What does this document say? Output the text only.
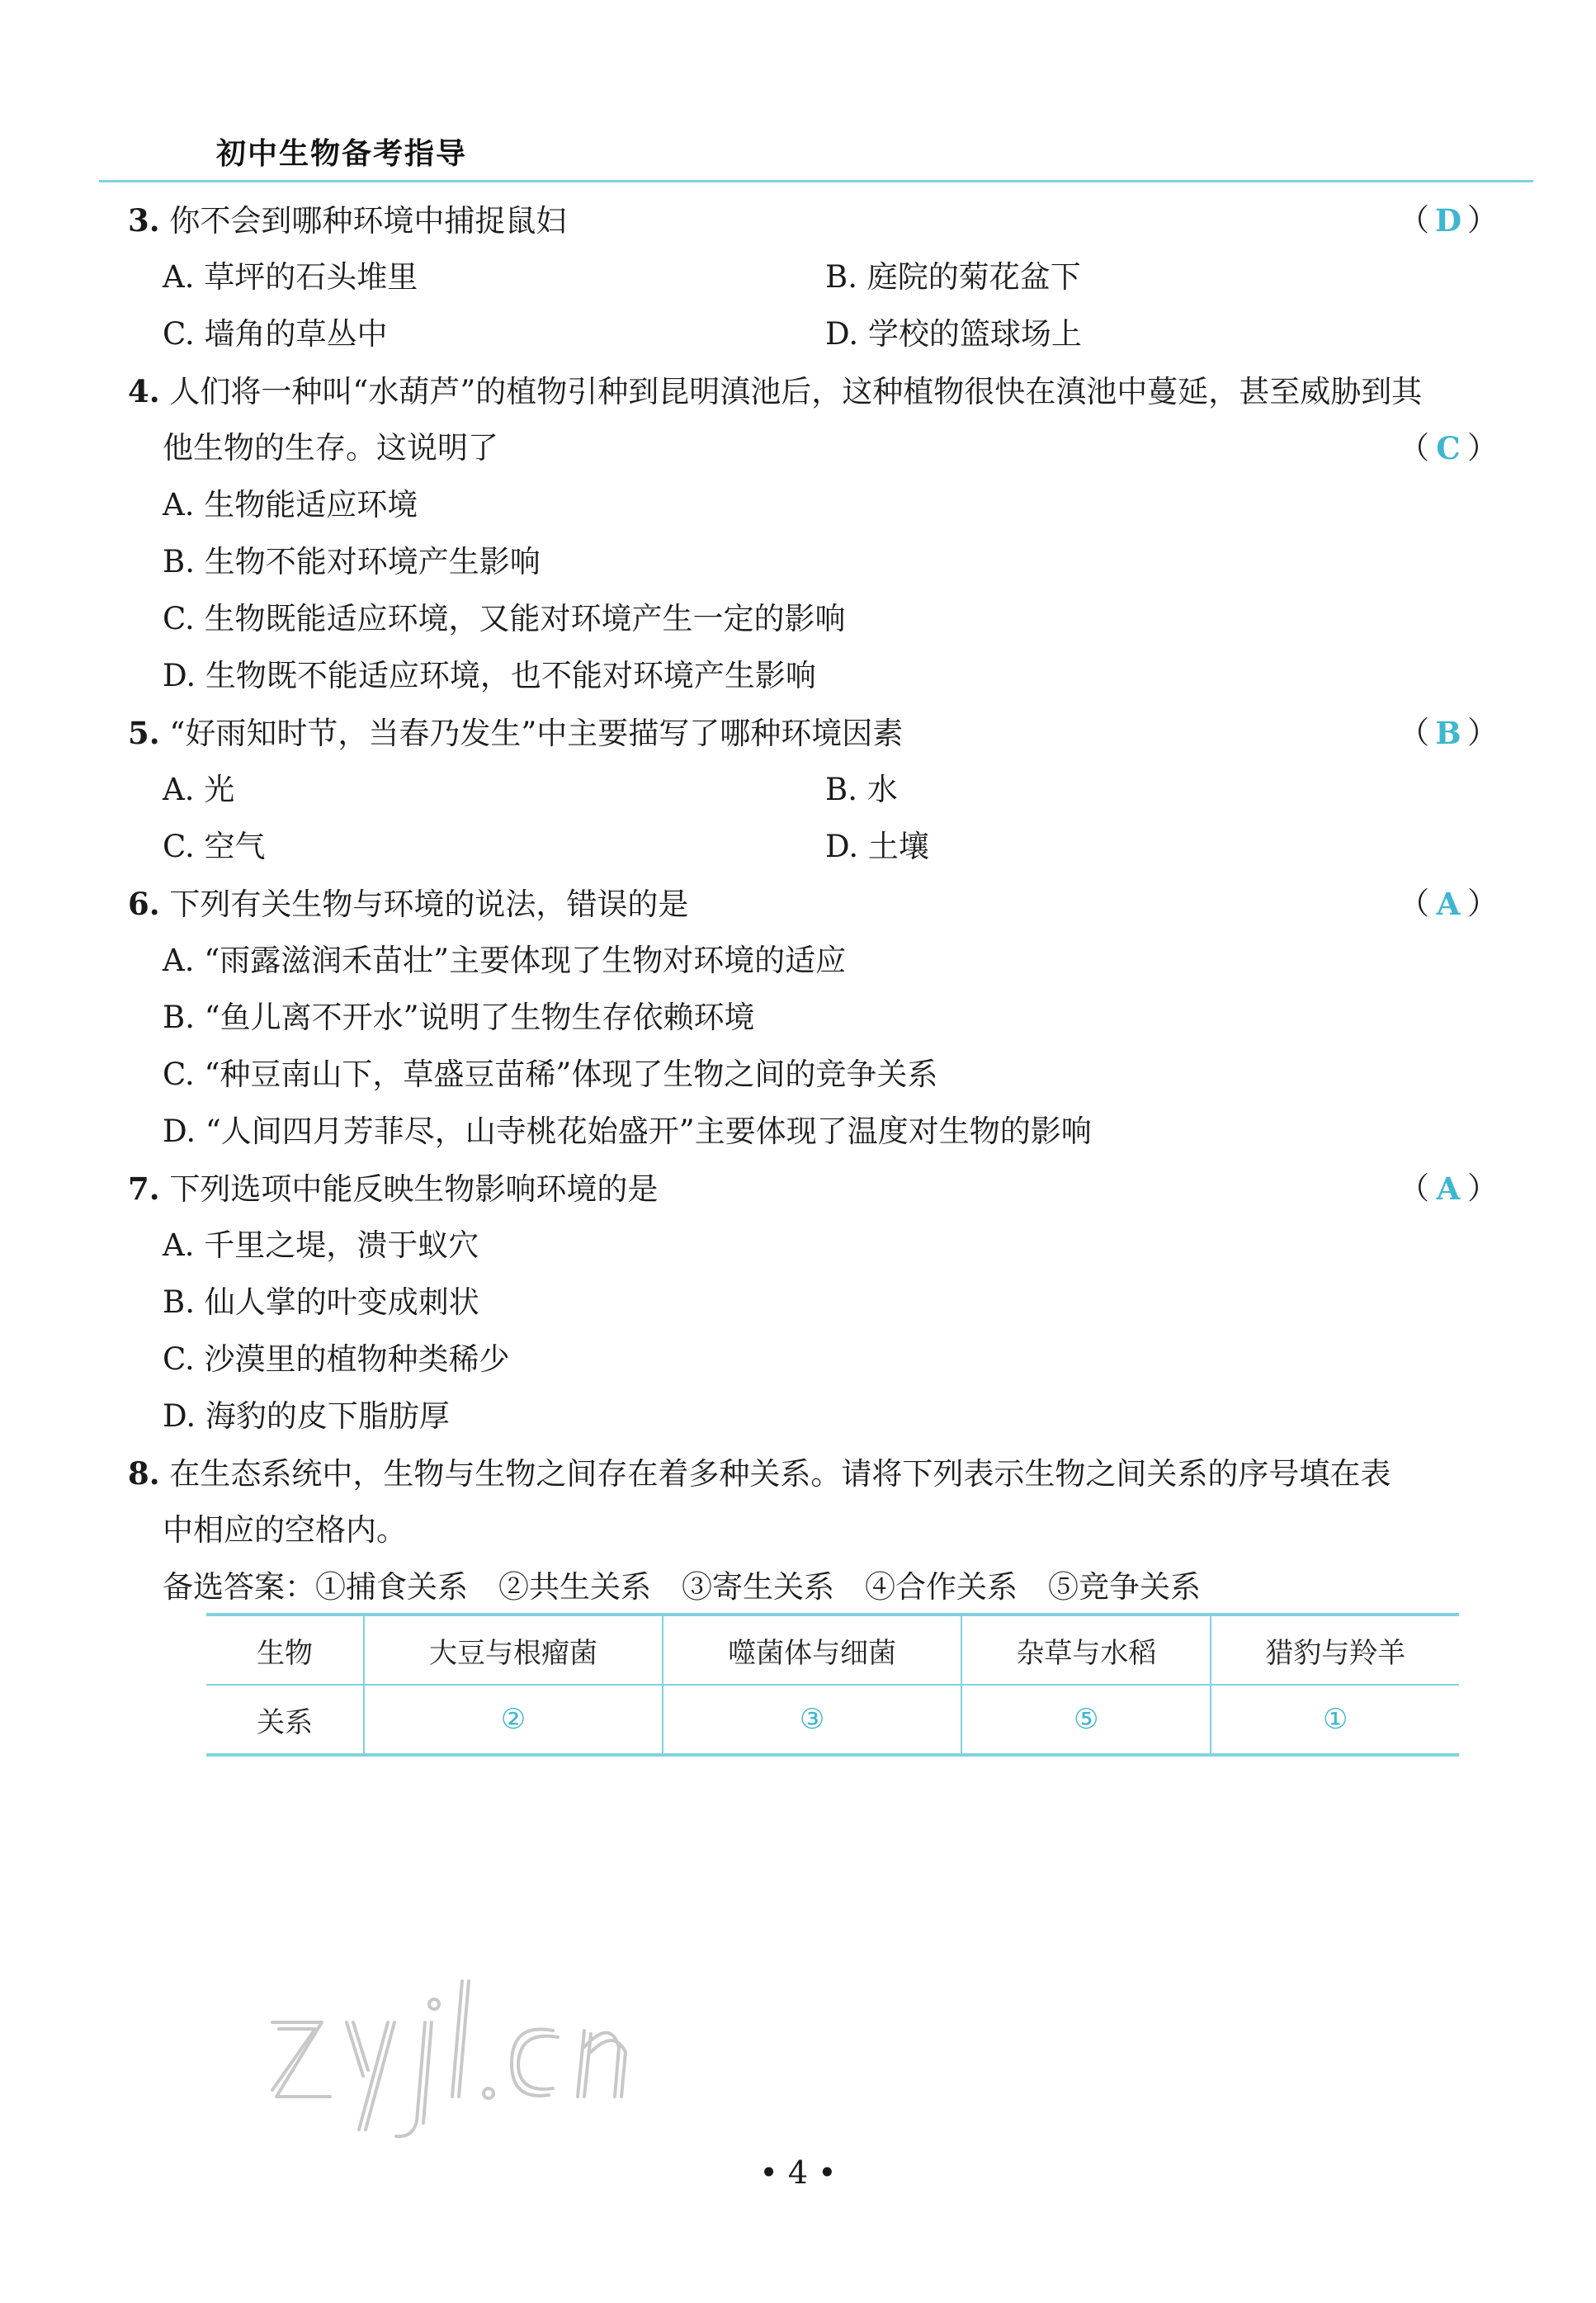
初中生物备考指导
3. 你不会到哪种环境中捕捉鼠妇	（ D ）
A. 草坪的石头堆里	B. 庭院的菊花盆下
C. 墙角的草丛中	D. 学校的篮球场上
4. 人们将一种叫“水葫芦”的植物引种到昆明滇池后，这种植物很快在滇池中蔓延，甚至威胁到其
他生物的生存。这说明了	（ C ）
A. 生物能适应环境
B. 生物不能对环境产生影响
C. 生物既能适应环境，又能对环境产生一定的影响
D. 生物既不能适应环境，也不能对环境产生影响
5. “好雨知时节，当春乃发生”中主要描写了哪种环境因素	（ B ）
A. 光	B. 水
C. 空气	D. 土壤
6. 下列有关生物与环境的说法，错误的是	（ A ）
A. “雨露滋润禾苗壮”主要体现了生物对环境的适应
B. “鱼儿离不开水”说明了生物生存依赖环境
C. “种豆南山下，草盛豆苗稀”体现了生物之间的竞争关系
D. “人间四月芳菲尽，山寺桃花始盛开”主要体现了温度对生物的影响
7. 下列选项中能反映生物影响环境的是	（ A ）
A. 千里之堤，溃于蚁穴
B. 仙人掌的叶变成刺状
C. 沙漠里的植物种类稀少
D. 海豹的皮下脂肪厚
8. 在生态系统中，生物与生物之间存在着多种关系。请将下列表示生物之间关系的序号填在表
中相应的空格内。
备选答案：①捕食关系　②共生关系　③寄生关系　④合作关系　⑤竞争关系
生物	大豆与根瘤菌	噬菌体与细菌	杂草与水稻	猎豹与羚羊
关系	②	③	⑤	①
• 4 •
